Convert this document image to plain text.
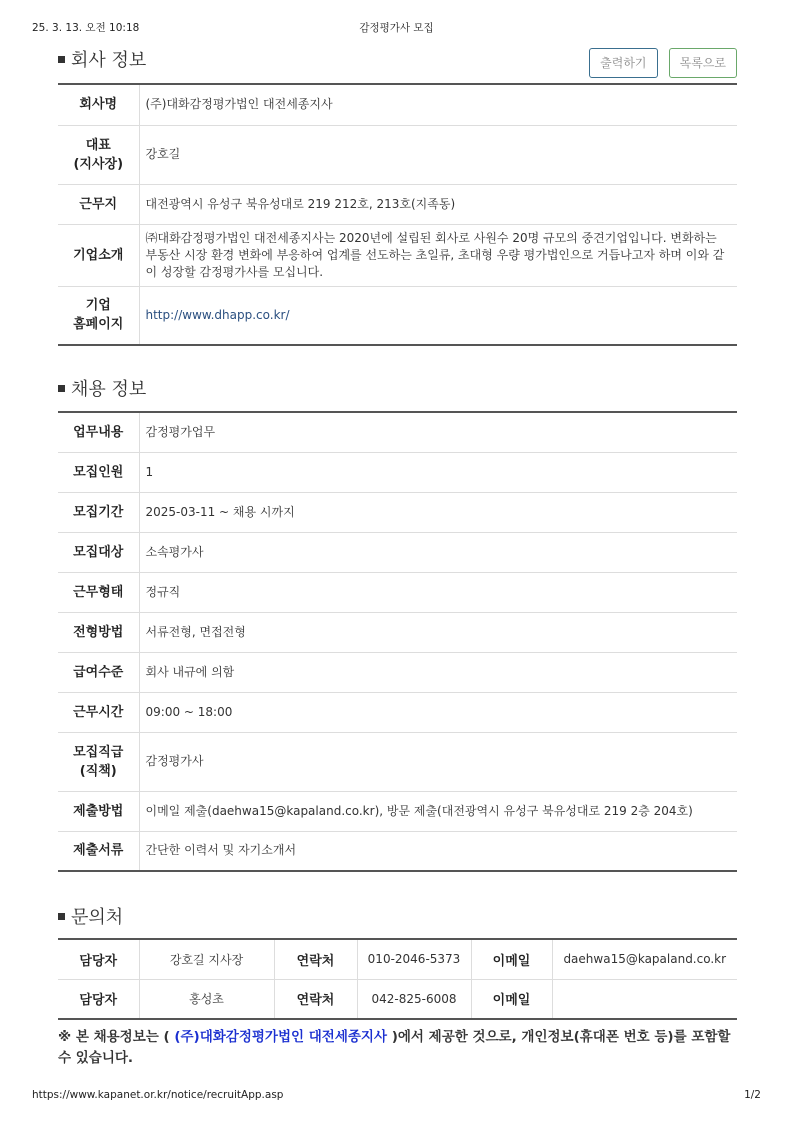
25. 3. 13. 오전 10:18	감정평가사 모집
회사 정보	출력하기	목록으로
회사명	(주)대화감정평가법인 대전세종지사
대표
(지사장)	강호길
근무지	대전광역시 유성구 북유성대로 219 212호, 213호(지족동)
기업소개	㈜대화감정평가법인 대전세종지사는 2020년에 설립된 회사로 사원수 20명 규모의 중견기업입니다. 변화하는 부동산 시장 환경 변화에 부응하여 업계를 선도하는 초일류, 초대형 우량 평가법인으로 거듭나고자 하며 이와 같이 성장할 감정평가사를 모십니다.
기업
홈페이지	http://www.dhapp.co.kr/
채용 정보
업무내용	감정평가업무
모집인원	1
모집기간	2025-03-11 ~ 채용 시까지
모집대상	소속평가사
근무형태	정규직
전형방법	서류전형, 면접전형
급여수준	회사 내규에 의함
근무시간	09:00 ~ 18:00
모집직급
(직책)	감정평가사
제출방법	이메일 제출(daehwa15@kapaland.co.kr), 방문 제출(대전광역시 유성구 북유성대로 219 2층 204호)
제출서류	간단한 이력서 및 자기소개서
문의처
담당자	강호길 지사장	연락처	010-2046-5373	이메일	daehwa15@kapaland.co.kr
담당자	홍성초	연락처	042-825-6008	이메일	
※ 본 채용정보는 ( (주)대화감정평가법인 대전세종지사 )에서 제공한 것으로, 개인정보(휴대폰 번호 등)를 포함할 수 있습니다.
https://www.kapanet.or.kr/notice/recruitApp.asp	1/2
